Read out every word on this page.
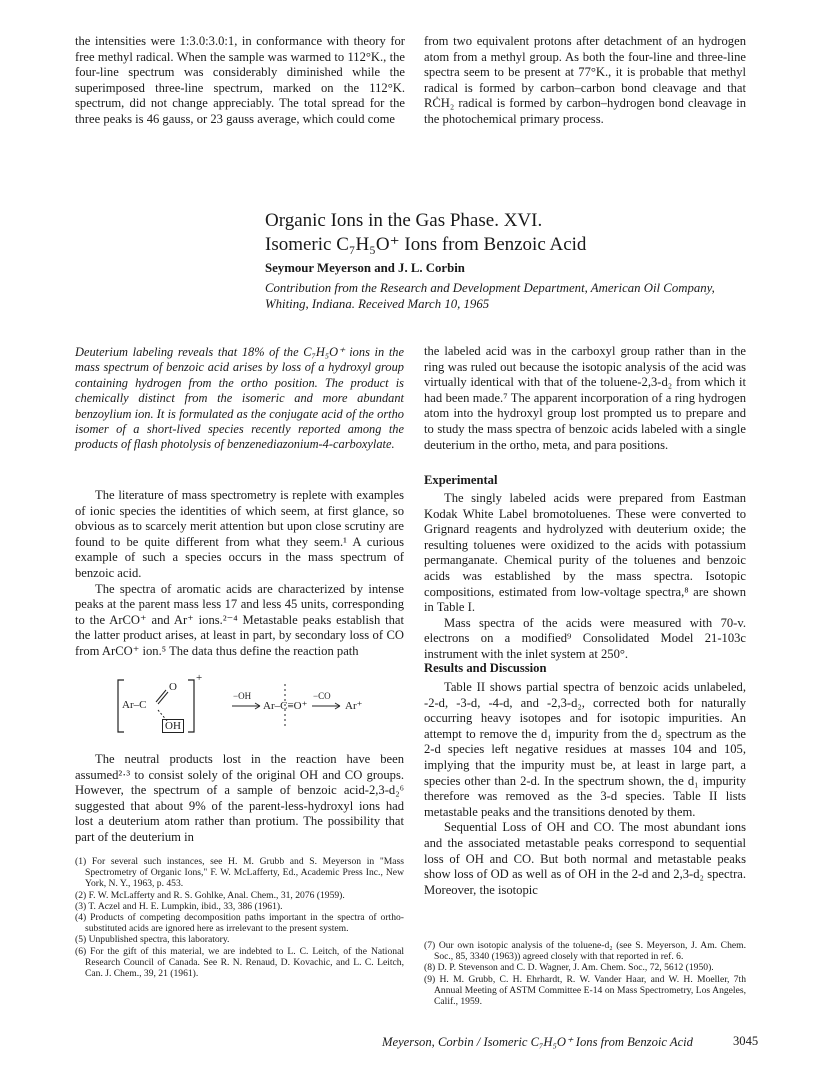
the intensities were 1:3.0:3.0:1, in conformance with theory for free methyl radical. When the sample was warmed to 112°K., the four-line spectrum was considerably diminished while the superimposed three-line spectrum, marked on the 112°K. spectrum, did not change appreciably. The total spread for the three peaks is 46 gauss, or 23 gauss average, which could come

from two equivalent protons after detachment of an hydrogen atom from a methyl group. As both the four-line and three-line spectra seem to be present at 77°K., it is probable that methyl radical is formed by carbon–carbon bond cleavage and that RĊH₂ radical is formed by carbon–hydrogen bond cleavage in the photochemical primary process.

Organic Ions in the Gas Phase. XVI.
Isomeric C₇H₅O⁺ Ions from Benzoic Acid
Seymour Meyerson and J. L. Corbin
Contribution from the Research and Development Department, American Oil Company, Whiting, Indiana. Received March 10, 1965

Deuterium labeling reveals that 18% of the C₇H₅O⁺ ions in the mass spectrum of benzoic acid arises by loss of a hydroxyl group containing hydrogen from the ortho position. The product is chemically distinct from the isomeric and more abundant benzoylium ion. It is formulated as the conjugate acid of the ortho isomer of a short-lived species recently reported among the products of flash photolysis of benzenediazonium-4-carboxylate.

The literature of mass spectrometry is replete with examples of ionic species the identities of which seem, at first glance, so obvious as to scarcely merit attention but upon close scrutiny are found to be quite different from what they seem.¹ A curious example of such a species occurs in the mass spectrum of benzoic acid.

The spectra of aromatic acids are characterized by intense peaks at the parent mass less 17 and less 45 units, corresponding to the ArCO⁺ and Ar⁺ ions.²⁻⁴ Metastable peaks establish that the latter product arises, at least in part, by secondary loss of CO from ArCO⁺ ion.⁵ The data thus define the reaction path

+
Ar–C
O
OH
−OH
Ar–C≡O⁺
−CO
Ar⁺

The neutral products lost in the reaction have been assumed²·³ to consist solely of the original OH and CO groups. However, the spectrum of a sample of benzoic acid-2,3-d₂⁶ suggested that about 9% of the parent-less-hydroxyl ions had lost a deuterium atom rather than protium. The possibility that part of the deuterium in

(1) For several such instances, see H. M. Grubb and S. Meyerson in "Mass Spectrometry of Organic Ions," F. W. McLafferty, Ed., Academic Press Inc., New York, N. Y., 1963, p. 453.
(2) F. W. McLafferty and R. S. Gohlke, Anal. Chem., 31, 2076 (1959).
(3) T. Aczel and H. E. Lumpkin, ibid., 33, 386 (1961).
(4) Products of competing decomposition paths important in the spectra of ortho-substituted acids are ignored here as irrelevant to the present system.
(5) Unpublished spectra, this laboratory.
(6) For the gift of this material, we are indebted to L. C. Leitch, of the National Research Council of Canada. See R. N. Renaud, D. Kovachic, and L. C. Leitch, Can. J. Chem., 39, 21 (1961).

the labeled acid was in the carboxyl group rather than in the ring was ruled out because the isotopic analysis of the acid was virtually identical with that of the toluene-2,3-d₂ from which it had been made.⁷ The apparent incorporation of a ring hydrogen atom into the hydroxyl group lost prompted us to prepare and to study the mass spectra of benzoic acids labeled with a single deuterium in the ortho, meta, and para positions.

Experimental

The singly labeled acids were prepared from Eastman Kodak White Label bromotoluenes. These were converted to Grignard reagents and hydrolyzed with deuterium oxide; the resulting toluenes were oxidized to the acids with potassium permanganate. Chemical purity of the toluenes and benzoic acids was established by the mass spectra. Isotopic compositions, estimated from low-voltage spectra,⁸ are shown in Table I.

Mass spectra of the acids were measured with 70-v. electrons on a modified⁹ Consolidated Model 21-103c instrument with the inlet system at 250°.

Results and Discussion

Table II shows partial spectra of benzoic acids unlabeled, -2-d, -3-d, -4-d, and -2,3-d₂, corrected both for naturally occurring heavy isotopes and for isotopic impurities. An attempt to remove the d₁ impurity from the d₂ spectrum as the 2-d species left negative residues at masses 104 and 105, implying that the impurity must be, at least in large part, a species other than 2-d. In the spectrum shown, the d₁ impurity therefore was removed as the 3-d species. Table II lists metastable peaks and the transitions denoted by them.

Sequential Loss of OH and CO. The most abundant ions and the associated metastable peaks correspond to sequential loss of OH and CO. But both normal and metastable peaks show loss of OD as well as of OH in the 2-d and 2,3-d₂ spectra. Moreover, the isotopic

(7) Our own isotopic analysis of the toluene-d₂ (see S. Meyerson, J. Am. Chem. Soc., 85, 3340 (1963)) agreed closely with that reported in ref. 6.
(8) D. P. Stevenson and C. D. Wagner, J. Am. Chem. Soc., 72, 5612 (1950).
(9) H. M. Grubb, C. H. Ehrhardt, R. W. Vander Haar, and W. H. Moeller, 7th Annual Meeting of ASTM Committee E-14 on Mass Spectrometry, Los Angeles, Calif., 1959.
Meyerson, Corbin / Isomeric C₇H₅O⁺ Ions from Benzoic Acid	3045
